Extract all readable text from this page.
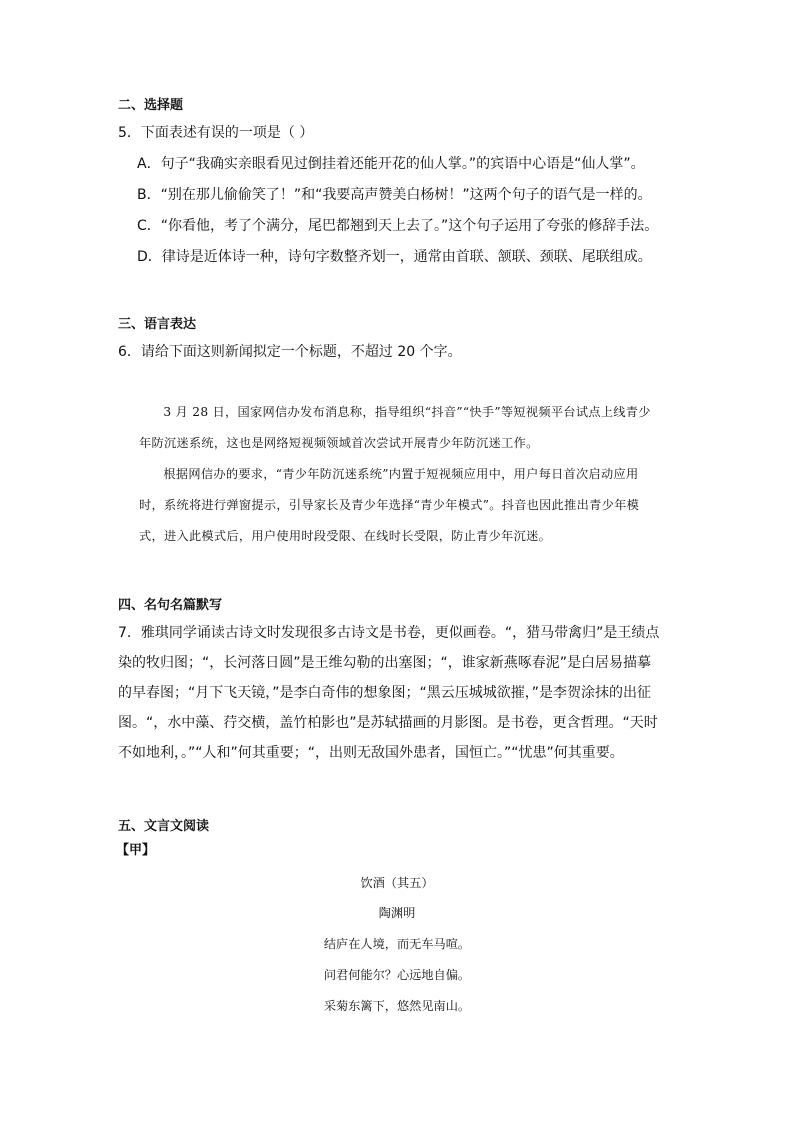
二、选择题
5．下面表述有误的一项是（ ）
A．句子“我确实亲眼看见过倒挂着还能开花的仙人掌。”的宾语中心语是“仙人掌”。
B．“别在那儿偷偷笑了！”和“我要高声赞美白杨树！”这两个句子的语气是一样的。
C．“你看他，考了个满分，尾巴都翘到天上去了。”这个句子运用了夸张的修辞手法。
D．律诗是近体诗一种，诗句字数整齐划一，通常由首联、颔联、颈联、尾联组成。
三、语言表达
6．请给下面这则新闻拟定一个标题，不超过 20 个字。

3 月 28 日，国家网信办发布消息称，指导组织“抖音”“快手”等短视频平台试点上线青少年防沉迷系统，这也是网络短视频领域首次尝试开展青少年防沉迷工作。

根据网信办的要求，“青少年防沉迷系统”内置于短视频应用中，用户每日首次启动应用时，系统将进行弹窗提示，引导家长及青少年选择“青少年模式”。抖音也因此推出青少年模式，进入此模式后，用户使用时段受限、在线时长受限，防止青少年沉迷。

四、名句名篇默写

7．雅琪同学诵读古诗文时发现很多古诗文是书卷，更似画卷。“，猎马带禽归”是王绩点染的牧归图；“，长河落日圆”是王维勾勒的出塞图；“，谁家新燕啄春泥”是白居易描摹的早春图；“月下飞天镜，”是李白奇伟的想象图；“黑云压城城欲摧，”是李贺涂抹的出征图。“，水中藻、荇交横，盖竹柏影也”是苏轼描画的月影图。是书卷，更含哲理。“天时不如地利，。”“人和”何其重要；“，出则无敌国外患者，国恒亡。”“忧患”何其重要。

五、文言文阅读
【甲】
饮酒（其五）
陶渊明
结庐在人境，而无车马喧。
问君何能尔？心远地自偏。
采菊东篱下，悠然见南山。
